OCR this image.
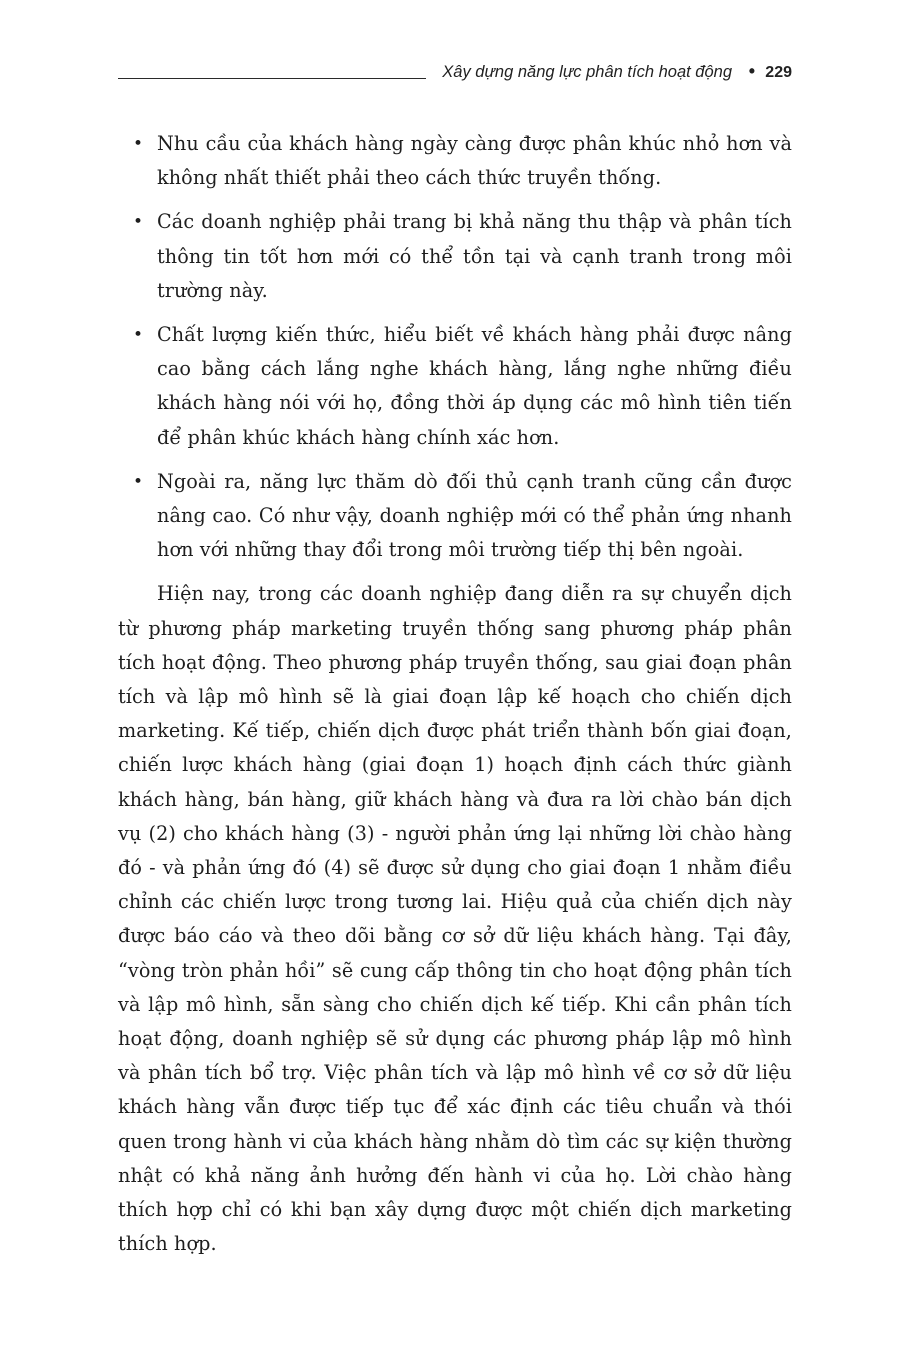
Xây dựng năng lực phân tích hoạt động • 229
• Nhu cầu của khách hàng ngày càng được phân khúc nhỏ hơn và không nhất thiết phải theo cách thức truyền thống.
• Các doanh nghiệp phải trang bị khả năng thu thập và phân tích thông tin tốt hơn mới có thể tồn tại và cạnh tranh trong môi trường này.
• Chất lượng kiến thức, hiểu biết về khách hàng phải được nâng cao bằng cách lắng nghe khách hàng, lắng nghe những điều khách hàng nói với họ, đồng thời áp dụng các mô hình tiên tiến để phân khúc khách hàng chính xác hơn.
• Ngoài ra, năng lực thăm dò đối thủ cạnh tranh cũng cần được nâng cao. Có như vậy, doanh nghiệp mới có thể phản ứng nhanh hơn với những thay đổi trong môi trường tiếp thị bên ngoài.

Hiện nay, trong các doanh nghiệp đang diễn ra sự chuyển dịch từ phương pháp marketing truyền thống sang phương pháp phân tích hoạt động. Theo phương pháp truyền thống, sau giai đoạn phân tích và lập mô hình sẽ là giai đoạn lập kế hoạch cho chiến dịch marketing. Kế tiếp, chiến dịch được phát triển thành bốn giai đoạn, chiến lược khách hàng (giai đoạn 1) hoạch định cách thức giành khách hàng, bán hàng, giữ khách hàng và đưa ra lời chào bán dịch vụ (2) cho khách hàng (3) - người phản ứng lại những lời chào hàng đó - và phản ứng đó (4) sẽ được sử dụng cho giai đoạn 1 nhằm điều chỉnh các chiến lược trong tương lai. Hiệu quả của chiến dịch này được báo cáo và theo dõi bằng cơ sở dữ liệu khách hàng. Tại đây, “vòng tròn phản hồi” sẽ cung cấp thông tin cho hoạt động phân tích và lập mô hình, sẵn sàng cho chiến dịch kế tiếp. Khi cần phân tích hoạt động, doanh nghiệp sẽ sử dụng các phương pháp lập mô hình và phân tích bổ trợ. Việc phân tích và lập mô hình về cơ sở dữ liệu khách hàng vẫn được tiếp tục để xác định các tiêu chuẩn và thói quen trong hành vi của khách hàng nhằm dò tìm các sự kiện thường nhật có khả năng ảnh hưởng đến hành vi của họ. Lời chào hàng thích hợp chỉ có khi bạn xây dựng được một chiến dịch marketing thích hợp.
